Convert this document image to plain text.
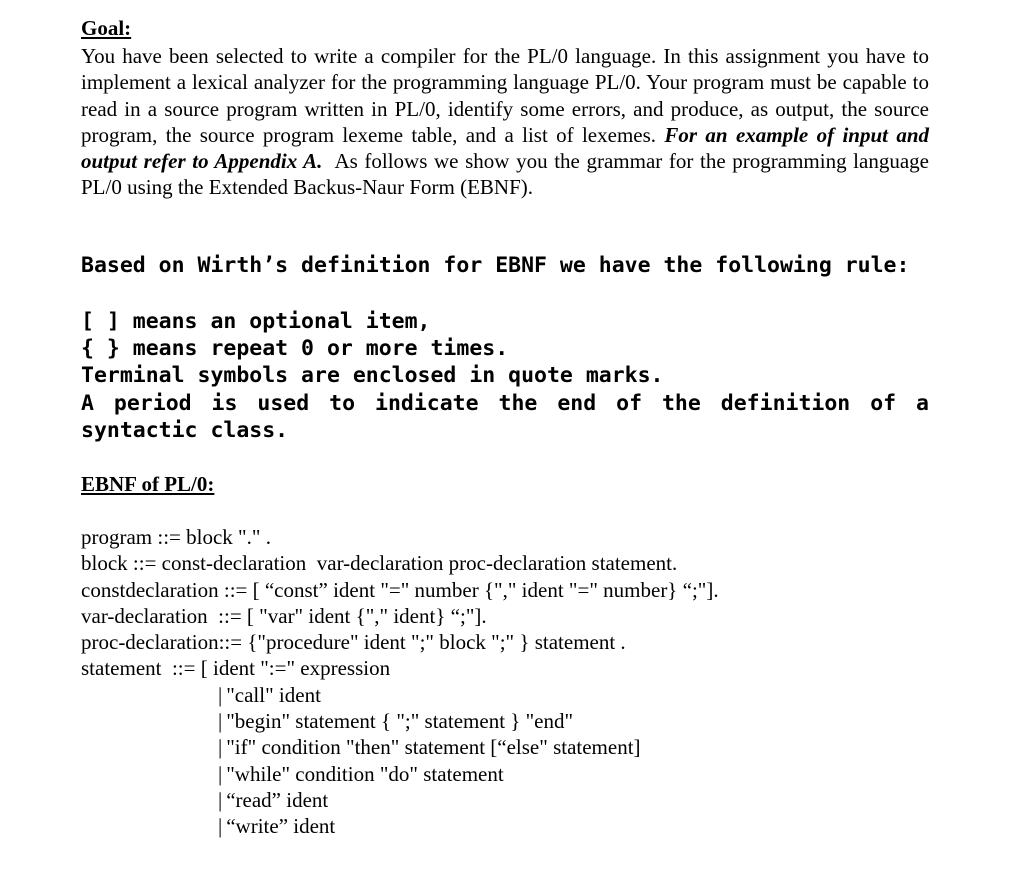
Goal:
You have been selected to write a compiler for the PL/0 language. In this assignment you have to implement a lexical analyzer for the programming language PL/0. Your program must be capable to read in a source program written in PL/0, identify some errors, and produce, as output, the source program, the source program lexeme table, and a list of lexemes. For an example of input and output refer to Appendix A. As follows we show you the grammar for the programming language PL/0 using the Extended Backus-Naur Form (EBNF).
Based on Wirth’s definition for EBNF we have the following rule:
[ ] means an optional item,
{ } means repeat 0 or more times.
Terminal symbols are enclosed in quote marks.
A period is used to indicate the end of the definition of a
syntactic class.
EBNF of PL/0:
program ::= block "." .
block ::= const-declaration  var-declaration proc-declaration statement.
constdeclaration ::= [ “const” ident "=" number {"," ident "=" number} “;"].
var-declaration  ::= [ "var" ident {"," ident} “;"].
proc-declaration::= {"procedure" ident ";" block ";" } statement .
statement  ::= [ ident ":=" expression
| "call" ident
| "begin" statement { ";" statement } "end"
| "if" condition "then" statement [“else" statement]
| "while" condition "do" statement
| “read” ident
| “write” ident
